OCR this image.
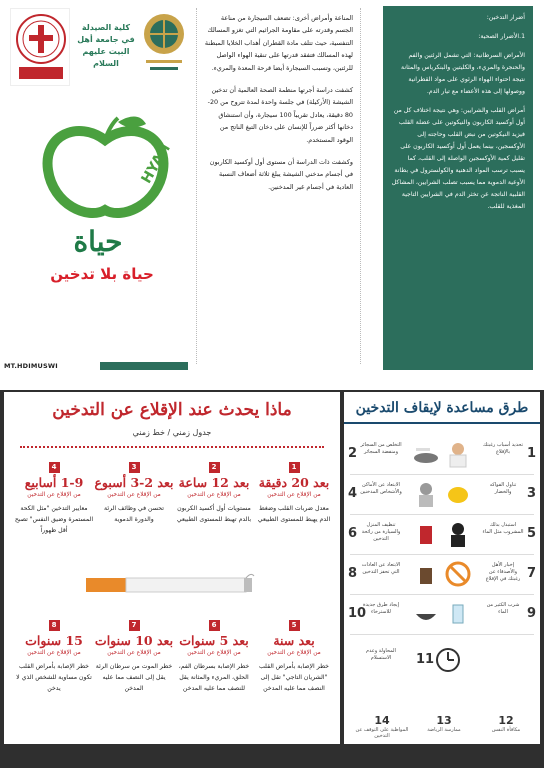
كلية الصيدلة في جامعة أهل البيت عليهم السلام
HYAH
حياة
حياة بلا تدخين

المناعة وأمراض أخرى: تضعف السيجارة من مناعة الجسم وقدرته على مقاومة الجراثيم التي تغزو المسالك التنفسية، حيث تتلف مادة القطران أهداب الخلايا المبطنة لهذه المسالك فتفقد قدرتها على تنقية الهواء الواصل للرئتين، وتسبب السيجارة أيضا قرحة المعدة والمريء.

كشفت دراسة أجرتها منظمة الصحة العالمية أن تدخين الشيشة (الأركيلة) في جلسة واحدة لمدة تتروح من 20-80 دقيقة، يعادل تقريباً 100 سيجارة، وأن استنشاق دخانها أكثر ضرراً للإنسان على دخان التبغ الناتج من الوقود المستخدم.

وكشفت ذات الدراسة أن مستوى أول أوكسيد الكاربون في أجسام مدخني الشيشة يبلغ ثلاثة أضعاف النسبة العادية في أجسام غير المدخنين.

أضرار التدخين:

1.الأضرار الصحية:

الأمراض السرطانية: التي تشمل الرئتين والفم والحنجرة والمريء، والكليتين والبنكرياس والمثانة نتيجة احتواء الهواء الرئوي على مواد القطرانية ووصولها إلى هذه الأعضاء مع تيار الدم.

أمراض القلب والشرايين: وهي نتيجة اختلاف كل من أول أوكسيد الكاربون والنيكوتين على عضلة القلب فيزيد النيكوتين من نبض القلب وحاجته إلى الأوكسجين، بينما يعمل أول أوكسيد الكاربون على تقليل كمية الأوكسجين الواصلة إلى القلب، كما يسبب ترسب المواد الدهنية والكولسترول في بطانة الأوعية الدموية مما يسبب تصلب الشرايين، المشاكل القلبية الناتجة عن تخثر الدم في الشرايين التاجية المغذية للقلب.

MT.HDIMUSWI
ماذا يحدث عند الإقلاع عن التدخين
جدول زمني / خط زمني
1
بعد 20 دقيقة
من الإقلاع عن التدخين
معدل ضربات القلب وضغط الدم يهبط للمستوى الطبيعي
2
بعد 12 ساعة
من الإقلاع عن التدخين
مستويات أول أكسيد الكربون بالدم تهبط للمستوى الطبيعي
3
بعد 2-3 أسبوع
من الإقلاع عن التدخين
تحسن في وظائف الرئة والدورة الدموية
4
1-9 أسابيع
من الإقلاع عن التدخين
معايير التدخين "مثل الكحة المستمرة وضيق النفس" تصبح أقل ظهوراً
5
بعد سنة
من الإقلاع عن التدخين
خطر الإصابة بأمراض القلب "الشريان التاجي" تقل إلى النصف مما عليه المدخن
6
بعد 5 سنوات
من الإقلاع عن التدخين
خطر الإصابة بسرطان الفم، الحلق، المريء والمثانة يقل للنصف مما عليه المدخن
7
بعد 10 سنوات
من الإقلاع عن التدخين
خطر الموت من سرطان الرئة يقل إلى النصف مما عليه المدخن
8
15 سنوات
من الإقلاع عن التدخين
خطر الإصابة بأمراض القلب تكون مساوية للشخص الذي لا يدخن
طرق مساعدة لإيقاف التدخين
1
تحديد أسباب رغبتك بالإقلاع
2
التخلص من السجائر ومنفضة السجائر
3
تناول الفواكه والخضار
4
الابتعاد عن الأماكن والأشخاص المدخنين
5
استبدل بذلك المشروب مثل الماء
6
تنظيف المنزل والسيارة من رائحة التدخين
7
إخبار الأهل والأصدقاء عن رغبتك في الإقلاع
8
الابتعاد عن العادات التي تحفز التدخين
9
شرب الكثير من الماء
10
إيجاد طرق جديدة للاسترخاء
11
المحاولة وعدم الاستسلام
12
مكافأة النفس
13
ممارسة الرياضة
14
المواظبة على التوقف عن التدخين
